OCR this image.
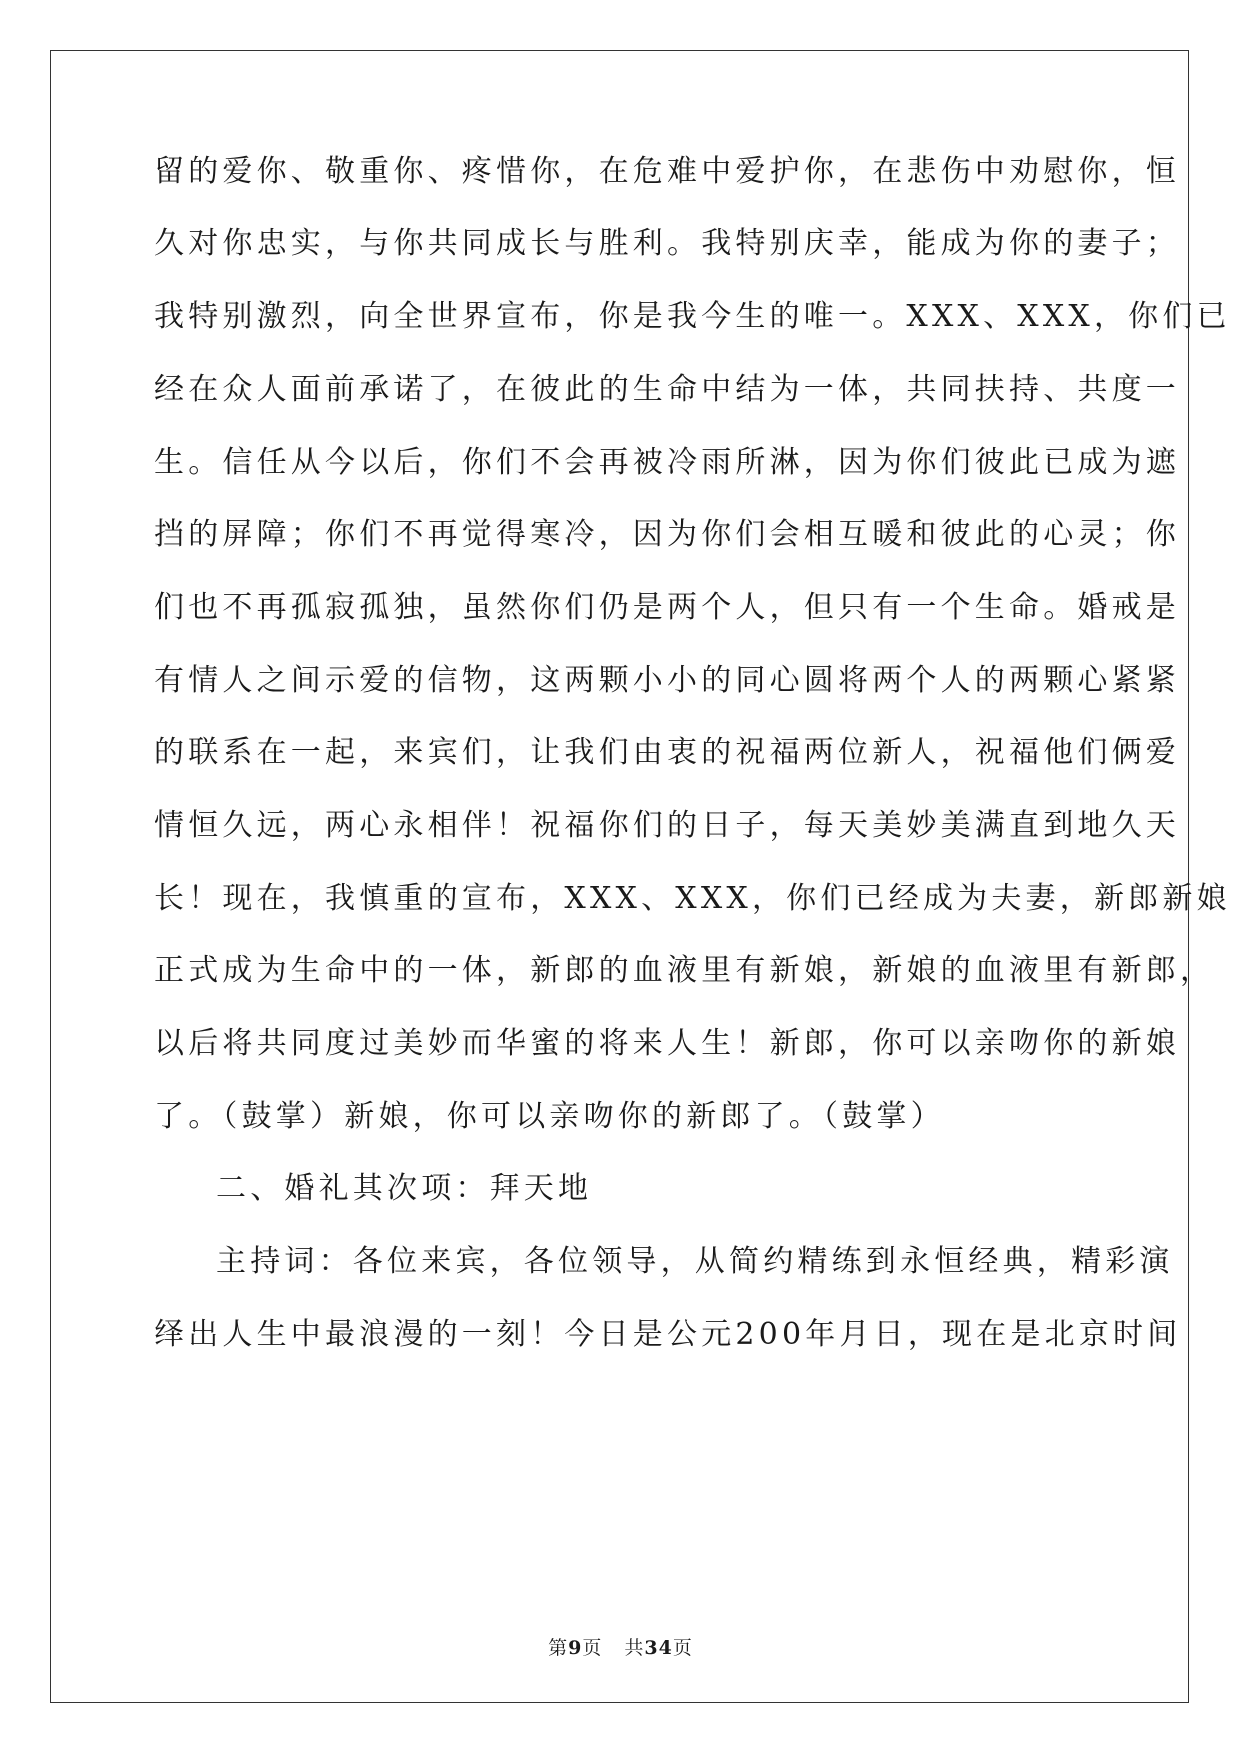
留的爱你、敬重你、疼惜你，在危难中爱护你，在悲伤中劝慰你，恒
久对你忠实，与你共同成长与胜利。我特别庆幸，能成为你的妻子；
我特别激烈，向全世界宣布，你是我今生的唯一。XXX、XXX，你们已
经在众人面前承诺了，在彼此的生命中结为一体，共同扶持、共度一
生。信任从今以后，你们不会再被冷雨所淋，因为你们彼此已成为遮
挡的屏障；你们不再觉得寒冷，因为你们会相互暖和彼此的心灵；你
们也不再孤寂孤独，虽然你们仍是两个人，但只有一个生命。婚戒是
有情人之间示爱的信物，这两颗小小的同心圆将两个人的两颗心紧紧
的联系在一起，来宾们，让我们由衷的祝福两位新人，祝福他们俩爱
情恒久远，两心永相伴！祝福你们的日子，每天美妙美满直到地久天
长！现在，我慎重的宣布，XXX、XXX，你们已经成为夫妻，新郎新娘
正式成为生命中的一体，新郎的血液里有新娘，新娘的血液里有新郎，
以后将共同度过美妙而华蜜的将来人生！新郎，你可以亲吻你的新娘
了。（鼓掌）新娘，你可以亲吻你的新郎了。（鼓掌）
二、婚礼其次项：拜天地
主持词：各位来宾，各位领导，从简约精练到永恒经典，精彩演
绎出人生中最浪漫的一刻！今日是公元200年月日，现在是北京时间
第9页 共34页
